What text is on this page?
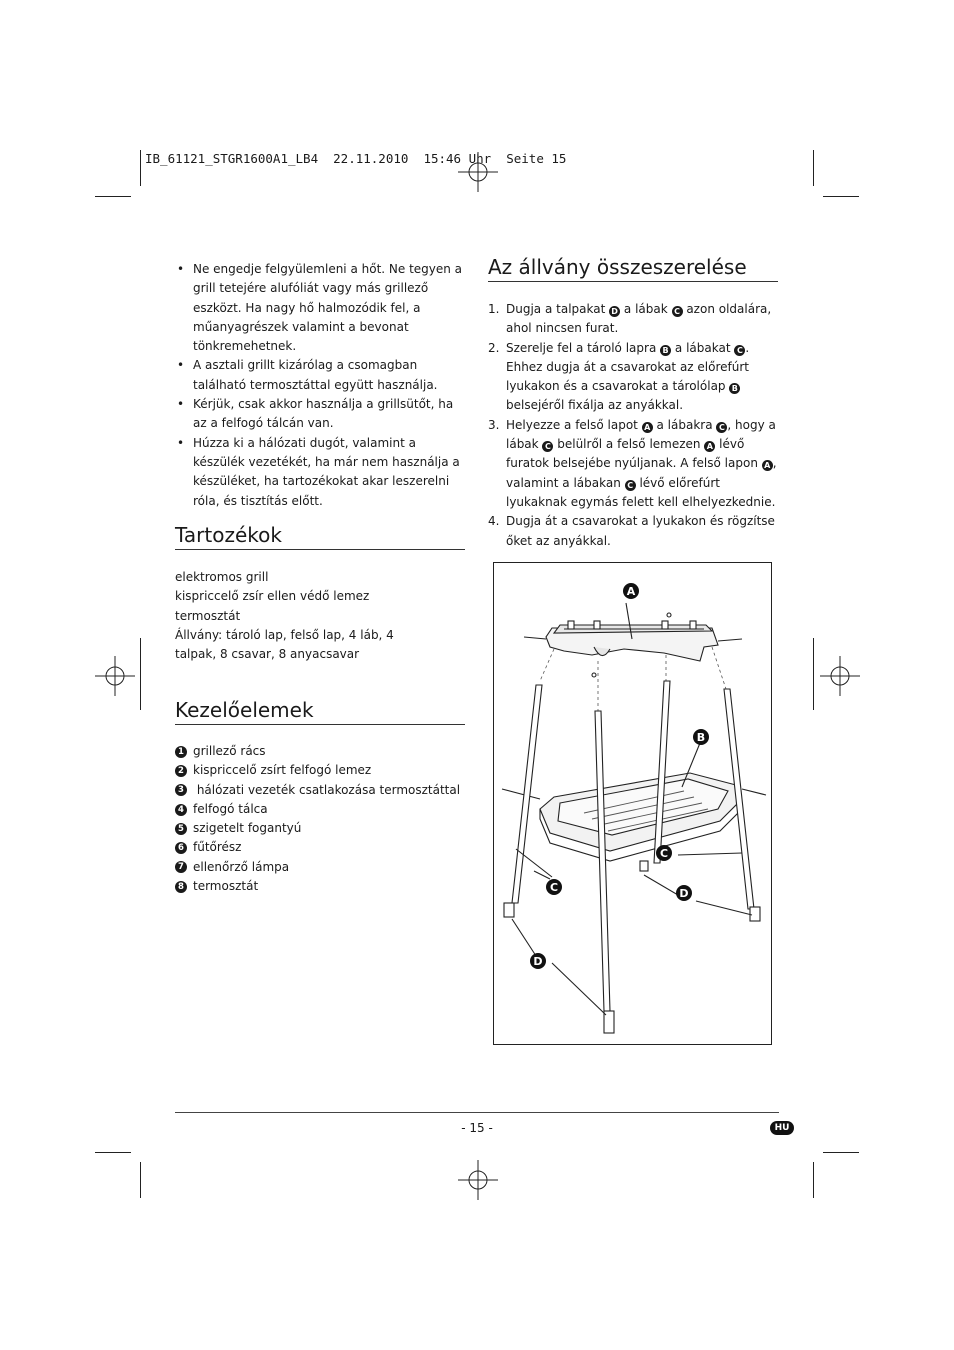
IB_61121_STGR1600A1_LB4  22.11.2010  15:46 Uhr  Seite 15
• Ne engedje felgyülemleni a hőt. Ne tegyen a grill tetejére alufóliát vagy más grillező eszközt. Ha nagy hő halmozódik fel, a műanyagrészek valamint a bevonat tönkremehetnek.
• A asztali grillt kizárólag a csomagban található termosztáttal együtt használja.
• Kérjük, csak akkor használja a grillsütőt, ha az a felfogó tálcán van.
• Húzza ki a hálózati dugót, valamint a készülék vezetékét, ha már nem használja a készüléket, ha tartozékokat akar leszerelni róla, és tisztítás előtt.
Tartozékok
elektromos grill
kispriccelő zsír ellen védő lemez
termosztát
Állvány: tároló lap, felső lap, 4 láb, 4 talpak, 8 csavar, 8 anyacsavar
Kezelőelemek
1 grillező rács
2 kispriccelő zsírt felfogó lemez
3 hálózati vezeték csatlakozása termosztáttal
4 felfogó tálca
5 szigetelt fogantyú
6 fűtőrész
7 ellenőrző lámpa
8 termosztát
Az állvány összeszerelése
1. Dugja a talpakat D a lábak C azon oldalára, ahol nincsen furat.
2. Szerelje fel a tároló lapra B a lábakat C . Ehhez dugja át a csavarokat az előrefúrt lyukakon és a csavarokat a tárolólap B belsejéről fixálja az anyákkal.
3. Helyezze a felső lapot A a lábakra C , hogy a lábak C belülről a felső lemezen A lévő furatok belsejébe nyúljanak. A felső lapon A , valamint a lábakan C lévő előrefúrt lyukaknak egymás felett kell elhelyezkednie.
4. Dugja át a csavarokat a lyukakon és rögzítse őket az anyákkal.
A
B
C
C
D
D
- 15 -	HU
